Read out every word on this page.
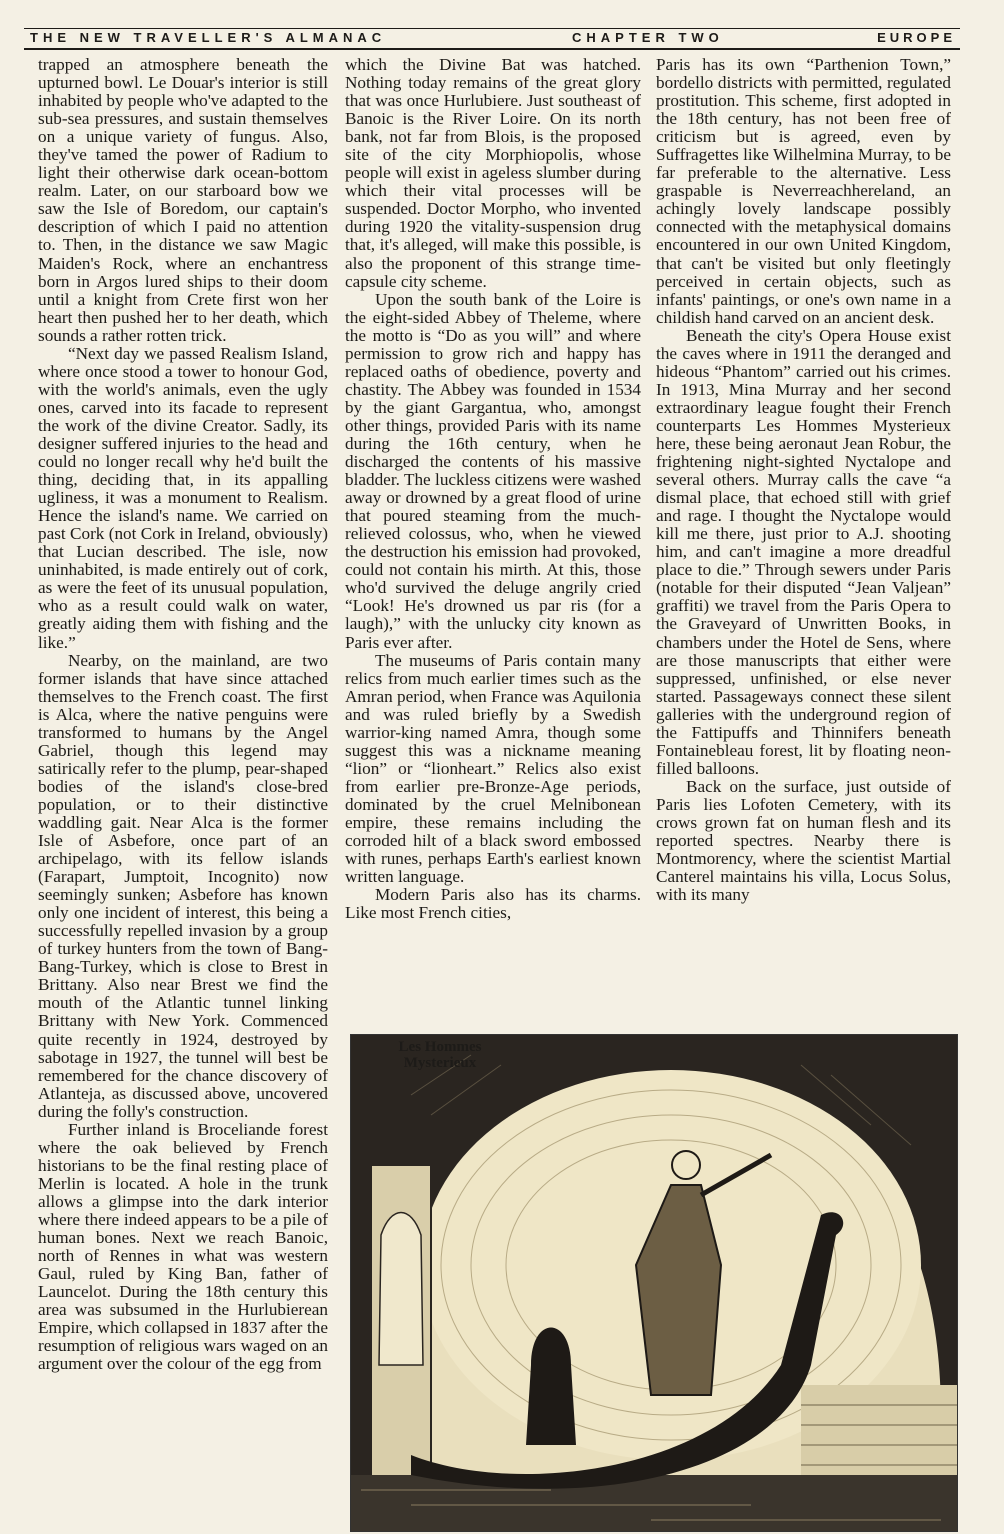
THE NEW TRAVELLER'S ALMANAC	CHAPTER TWO	EUROPE

trapped an atmosphere beneath the upturned bowl. Le Douar's interior is still inhabited by people who've adapted to the sub-sea pressures, and sustain themselves on a unique variety of fungus. Also, they've tamed the power of Radium to light their otherwise dark ocean-bottom realm. Later, on our starboard bow we saw the Isle of Boredom, our captain's description of which I paid no attention to. Then, in the distance we saw Magic Maiden's Rock, where an enchantress born in Argos lured ships to their doom until a knight from Crete first won her heart then pushed her to her death, which sounds a rather rotten trick.

“Next day we passed Realism Island, where once stood a tower to honour God, with the world's animals, even the ugly ones, carved into its facade to represent the work of the divine Creator. Sadly, its designer suffered injuries to the head and could no longer recall why he'd built the thing, deciding that, in its appalling ugliness, it was a monument to Realism. Hence the island's name. We carried on past Cork (not Cork in Ireland, obviously) that Lucian described. The isle, now uninhabited, is made entirely out of cork, as were the feet of its unusual population, who as a result could walk on water, greatly aiding them with fishing and the like.”

Nearby, on the mainland, are two former islands that have since attached themselves to the French coast. The first is Alca, where the native penguins were transformed to humans by the Angel Gabriel, though this legend may satirically refer to the plump, pear-shaped bodies of the island's close-bred population, or to their distinctive waddling gait. Near Alca is the former Isle of Asbefore, once part of an archipelago, with its fellow islands (Farapart, Jumptoit, Incognito) now seemingly sunken; Asbefore has known only one incident of interest, this being a successfully repelled invasion by a group of turkey hunters from the town of Bang-Bang-Turkey, which is close to Brest in Brittany. Also near Brest we find the mouth of the Atlantic tunnel linking Brittany with New York. Commenced quite recently in 1924, destroyed by sabotage in 1927, the tunnel will best be remembered for the chance discovery of Atlanteja, as discussed above, uncovered during the folly's construction.

Further inland is Broceliande forest where the oak believed by French historians to be the final resting place of Merlin is located. A hole in the trunk allows a glimpse into the dark interior where there indeed appears to be a pile of human bones. Next we reach Banoic, north of Rennes in what was western Gaul, ruled by King Ban, father of Launcelot. During the 18th century this area was subsumed in the Hurlubierean Empire, which collapsed in 1837 after the resumption of religious wars waged on an argument over the colour of the egg from

which the Divine Bat was hatched. Nothing today remains of the great glory that was once Hurlubiere. Just southeast of Banoic is the River Loire. On its north bank, not far from Blois, is the proposed site of the city Morphiopolis, whose people will exist in ageless slumber during which their vital processes will be suspended. Doctor Morpho, who invented during 1920 the vitality-suspension drug that, it's alleged, will make this possible, is also the proponent of this strange time-capsule city scheme.

Upon the south bank of the Loire is the eight-sided Abbey of Theleme, where the motto is “Do as you will” and where permission to grow rich and happy has replaced oaths of obedience, poverty and chastity. The Abbey was founded in 1534 by the giant Gargantua, who, amongst other things, provided Paris with its name during the 16th century, when he discharged the contents of his massive bladder. The luckless citizens were washed away or drowned by a great flood of urine that poured steaming from the much-relieved colossus, who, when he viewed the destruction his emission had provoked, could not contain his mirth. At this, those who'd survived the deluge angrily cried “Look! He's drowned us par ris (for a laugh),” with the unlucky city known as Paris ever after.

The museums of Paris contain many relics from much earlier times such as the Amran period, when France was Aquilonia and was ruled briefly by a Swedish warrior-king named Amra, though some suggest this was a nickname meaning “lion” or “lionheart.” Relics also exist from earlier pre-Bronze-Age periods, dominated by the cruel Melnibonean empire, these remains including the corroded hilt of a black sword embossed with runes, perhaps Earth's earliest known written language.

Modern Paris also has its charms. Like most French cities,

Paris has its own “Parthenion Town,” bordello districts with permitted, regulated prostitution. This scheme, first adopted in the 18th century, has not been free of criticism but is agreed, even by Suffragettes like Wilhelmina Murray, to be far preferable to the alternative. Less graspable is Neverreachhereland, an achingly lovely landscape possibly connected with the metaphysical domains encountered in our own United Kingdom, that can't be visited but only fleetingly perceived in certain objects, such as infants' paintings, or one's own name in a childish hand carved on an ancient desk.

Beneath the city's Opera House exist the caves where in 1911 the deranged and hideous “Phantom” carried out his crimes. In 1913, Mina Murray and her second extraordinary league fought their French counterparts Les Hommes Mysterieux here, these being aeronaut Jean Robur, the frightening night-sighted Nyctalope and several others. Murray calls the cave “a dismal place, that echoed still with grief and rage. I thought the Nyctalope would kill me there, just prior to A.J. shooting him, and can't imagine a more dreadful place to die.” Through sewers under Paris (notable for their disputed “Jean Valjean” graffiti) we travel from the Paris Opera to the Graveyard of Unwritten Books, in chambers under the Hotel de Sens, where are those manuscripts that either were suppressed, unfinished, or else never started. Passageways connect these silent galleries with the underground region of the Fattipuffs and Thinnifers beneath Fontainebleau forest, lit by floating neon-filled balloons.

Back on the surface, just outside of Paris lies Lofoten Cemetery, with its crows grown fat on human flesh and its reported spectres. Nearby there is Montmorency, where the scientist Martial Canterel maintains his villa, Locus Solus, with its many

Les Hommes
Mysterieux
